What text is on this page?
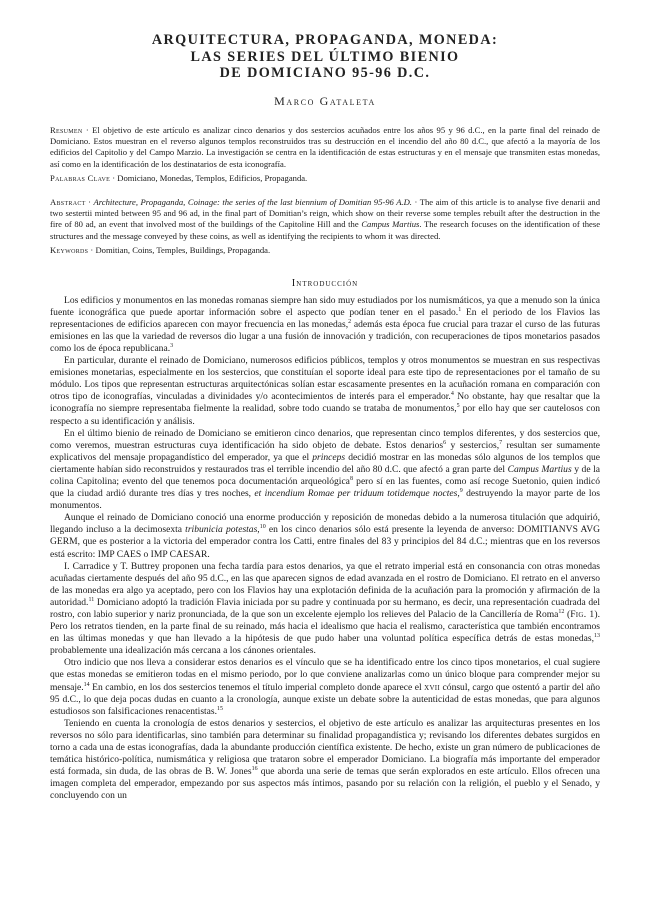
ARQUITECTURA, PROPAGANDA, MONEDA:
LAS SERIES DEL ÚLTIMO BIENIO
DE DOMICIANO 95-96 D.C.
Marco Gataleta
Resumen · El objetivo de este artículo es analizar cinco denarios y dos sestercios acuñados entre los años 95 y 96 d.C., en la parte final del reinado de Domiciano. Estos muestran en el reverso algunos templos reconstruidos tras su destrucción en el incendio del año 80 d.C., que afectó a la mayoría de los edificios del Capitolio y del Campo Marzio. La investigación se centra en la identificación de estas estructuras y en el mensaje que transmiten estas monedas, así como en la identificación de los destinatarios de esta iconografía.
Palabras Clave · Domiciano, Monedas, Templos, Edificios, Propaganda.
Abstract · Architecture, Propaganda, Coinage: the series of the last biennium of Domitian 95-96 A.D. · The aim of this article is to analyse five denarii and two sestertii minted between 95 and 96 ad, in the final part of Domitian’s reign, which show on their reverse some temples rebuilt after the destruction in the fire of 80 ad, an event that involved most of the buildings of the Capitoline Hill and the Campus Martius. The research focuses on the identification of these structures and the message conveyed by these coins, as well as identifying the recipients to whom it was directed.
Keywords · Domitian, Coins, Temples, Buildings, Propaganda.
Introducción

Los edificios y monumentos en las monedas romanas siempre han sido muy estudiados por los numismáticos, ya que a menudo son la única fuente iconográfica que puede aportar información sobre el aspecto que podían tener en el pasado.$^1$ En el periodo de los Flavios las representaciones de edificios aparecen con mayor frecuencia en las monedas,$^2$ además esta época fue crucial para trazar el curso de las futuras emisiones en las que la variedad de reversos dio lugar a una fusión de innovación y tradición, con recuperaciones de tipos monetarios pasados como los de época republicana.$^3$

En particular, durante el reinado de Domiciano, numerosos edificios públicos, templos y otros monumentos se muestran en sus respectivas emisiones monetarias, especialmente en los sestercios, que constituían el soporte ideal para este tipo de representaciones por el tamaño de su módulo. Los tipos que representan estructuras arquitectónicas solían estar escasamente presentes en la acuñación romana en comparación con otros tipo de iconografías, vinculadas a divinidades y/o acontecimientos de interés para el emperador.$^4$ No obstante, hay que resaltar que la iconografía no siempre representaba fielmente la realidad, sobre todo cuando se trataba de monumentos,$^5$ por ello hay que ser cautelosos con respecto a su identificación y análisis.

En el último bienio de reinado de Domiciano se emitieron cinco denarios, que representan cinco templos diferentes, y dos sestercios que, como veremos, muestran estructuras cuya identificación ha sido objeto de debate. Estos denarios$^6$ y sestercios,$^7$ resultan ser sumamente explicativos del mensaje propagandístico del emperador, ya que el princeps decidió mostrar en las monedas sólo algunos de los templos que ciertamente habían sido reconstruidos y restaurados tras el terrible incendio del año 80 d.C. que afectó a gran parte del Campus Martius y de la colina Capitolina; evento del que tenemos poca documentación arqueológica$^8$ pero sí en las fuentes, como así recoge Suetonio, quien indicó que la ciudad ardió durante tres días y tres noches, et incendium Romae per triduum totidemque noctes,$^9$ destruyendo la mayor parte de los monumentos.

Aunque el reinado de Domiciano conoció una enorme producción y reposición de monedas debido a la numerosa titulación que adquirió, llegando incluso a la decimosexta tribunicia potestas,$^{10}$ en los cinco denarios sólo está presente la leyenda de anverso: DOMITIANVS AVG GERM, que es posterior a la victoria del emperador contra los Catti, entre finales del 83 y principios del 84 d.C.; mientras que en los reversos está escrito: IMP CAES o IMP CAESAR.

I. Carradice y T. Buttrey proponen una fecha tardía para estos denarios, ya que el retrato imperial está en consonancia con otras monedas acuñadas ciertamente después del año 95 d.C., en las que aparecen signos de edad avanzada en el rostro de Domiciano. El retrato en el anverso de las monedas era algo ya aceptado, pero con los Flavios hay una explotación definida de la acuñación para la promoción y afirmación de la autoridad.$^{11}$ Domiciano adoptó la tradición Flavia iniciada por su padre y continuada por su hermano, es decir, una representación cuadrada del rostro, con labio superior y nariz pronunciada, de la que son un excelente ejemplo los relieves del Palacio de la Cancillería de Roma$^{12}$ (Fig. 1). Pero los retratos tienden, en la parte final de su reinado, más hacia el idealismo que hacia el realismo, característica que también encontramos en las últimas monedas y que han llevado a la hipótesis de que pudo haber una voluntad política específica detrás de estas monedas,$^{13}$ probablemente una idealización más cercana a los cánones orientales.

Otro indicio que nos lleva a considerar estos denarios es el vínculo que se ha identificado entre los cinco tipos monetarios, el cual sugiere que estas monedas se emitieron todas en el mismo periodo, por lo que conviene analizarlas como un único bloque para comprender mejor su mensaje.$^{14}$ En cambio, en los dos sestercios tenemos el título imperial completo donde aparece el xvii cónsul, cargo que ostentó a partir del año 95 d.C., lo que deja pocas dudas en cuanto a la cronología, aunque existe un debate sobre la autenticidad de estas monedas, que para algunos estudiosos son falsificaciones renacentistas.$^{15}$

Teniendo en cuenta la cronología de estos denarios y sestercios, el objetivo de este artículo es analizar las arquitecturas presentes en los reversos no sólo para identificarlas, sino también para determinar su finalidad propagandística y; revisando los diferentes debates surgidos en torno a cada una de estas iconografías, dada la abundante producción científica existente. De hecho, existe un gran número de publicaciones de temática histórico-política, numismática y religiosa que trataron sobre el emperador Domiciano. La biografía más importante del emperador está formada, sin duda, de las obras de B. W. Jones$^{16}$ que aborda una serie de temas que serán explorados en este artículo. Ellos ofrecen una imagen completa del emperador, empezando por sus aspectos más íntimos, pasando por su relación con la religión, el pueblo y el Senado, y concluyendo con un
